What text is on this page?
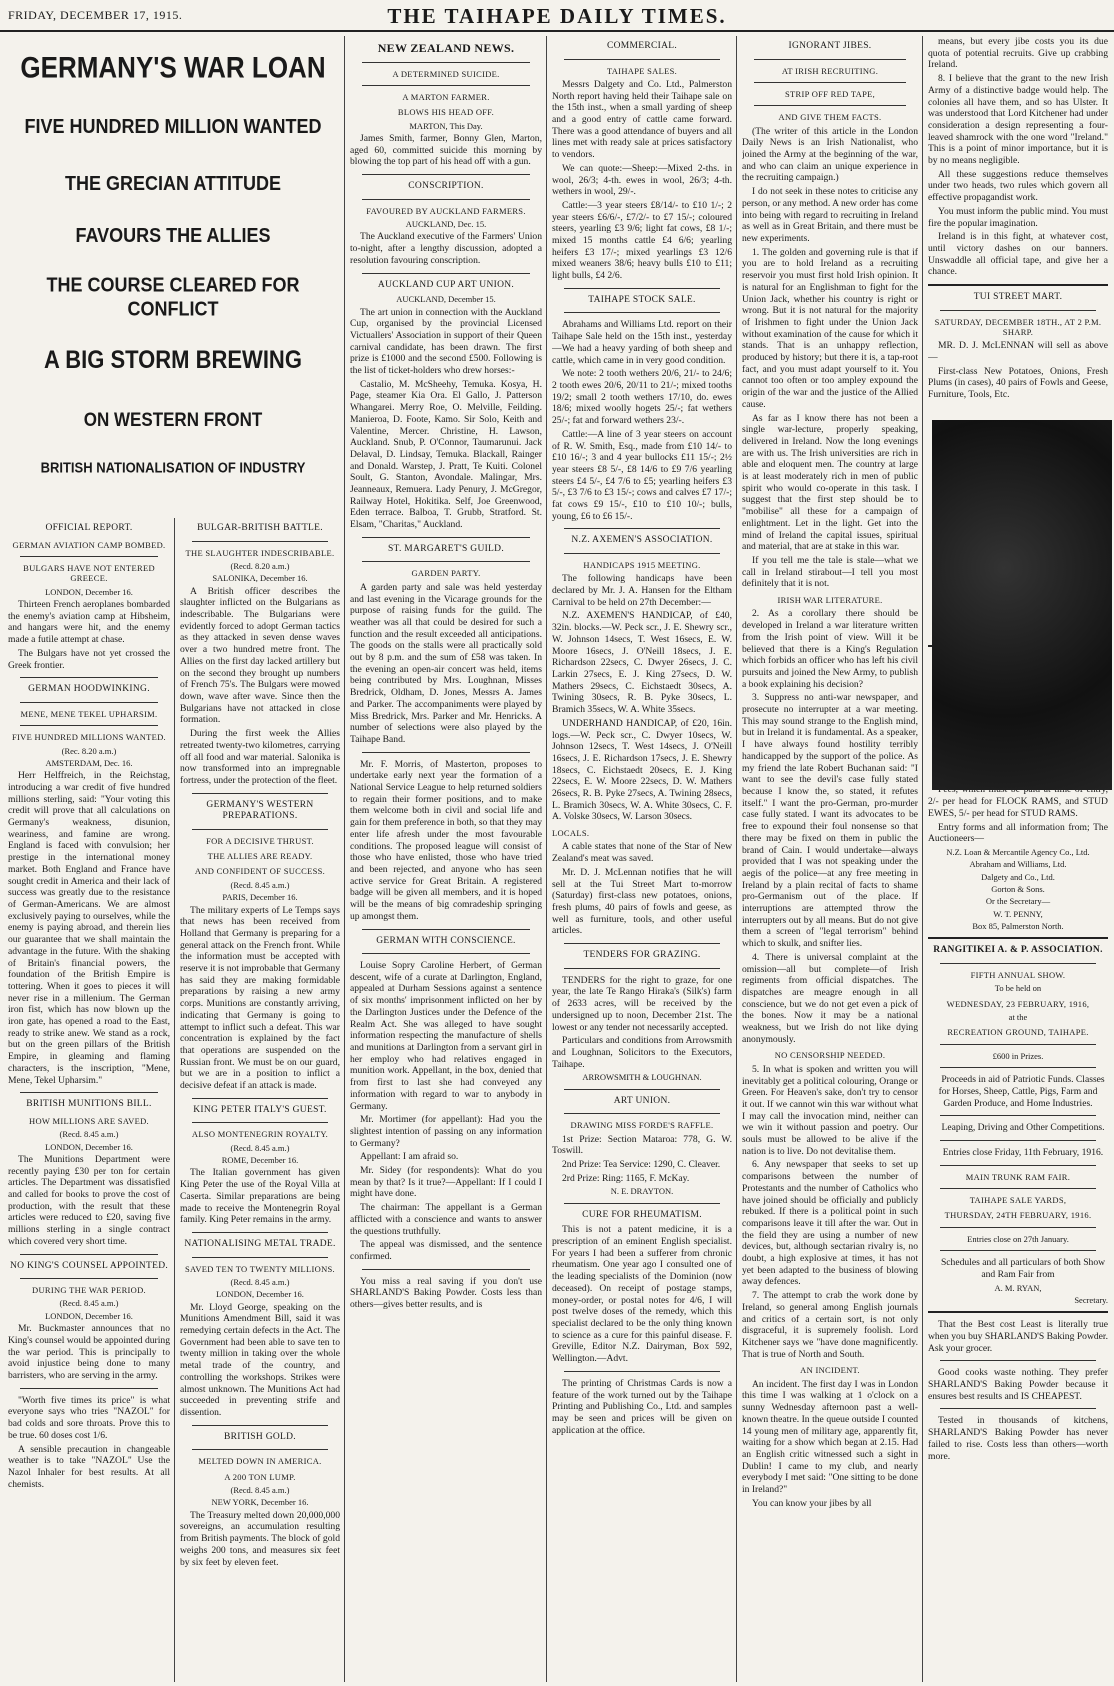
FRIDAY, DECEMBER 17, 1915.	THE TAIHAPE DAILY TIMES.
GERMANY'S WAR LOAN
FIVE HUNDRED MILLION WANTED
THE GRECIAN ATTITUDE
FAVOURS THE ALLIES
THE COURSE CLEARED FOR CONFLICT
A BIG STORM BREWING
ON WESTERN FRONT
BRITISH NATIONALISATION OF INDUSTRY
OFFICIAL REPORT.
GERMAN AVIATION CAMP BOMBED.
BULGARS HAVE NOT ENTERED GREECE.
LONDON, December 16.

Thirteen French aeroplanes bombarded the enemy's aviation camp at Hibsheim, and hangars were hit, and the enemy made a futile attempt at chase.

The Bulgars have not yet crossed the Greek frontier.

GERMAN HOODWINKING.
MENE, MENE TEKEL UPHARSIM.
FIVE HUNDRED MILLIONS WANTED.
(Rec. 8.20 a.m.)
AMSTERDAM, Dec. 16.

Herr Helffreich, in the Reichstag, introducing a war credit of five hundred millions sterling, said: "Your voting this credit will prove that all calculations on Germany's weakness, disunion, weariness, and famine are wrong. England is faced with convulsion; her prestige in the international money market. Both England and France have sought credit in America and their lack of success was greatly due to the resistance of German-Americans. We are almost exclusively paying to ourselves, while the enemy is paying abroad, and therein lies our guarantee that we shall maintain the advantage in the future. With the shaking of Britain's financial powers, the foundation of the British Empire is tottering. When it goes to pieces it will never rise in a millenium. The German iron fist, which has now blown up the iron gate, has opened a road to the East, ready to strike anew. We stand as a rock, but on the green pillars of the British Empire, in gleaming and flaming characters, is the inscription, "Mene, Mene, Tekel Upharsim."

BRITISH MUNITIONS BILL.
HOW MILLIONS ARE SAVED.
(Recd. 8.45 a.m.)
LONDON, December 16.

The Munitions Department were recently paying £30 per ton for certain articles. The Department was dissatisfied and called for books to prove the cost of production, with the result that these articles were reduced to £20, saving five millions sterling in a single contract which covered very short time.

NO KING'S COUNSEL APPOINTED.
DURING THE WAR PERIOD.
(Recd. 8.45 a.m.)
LONDON, December 16.

Mr. Buckmaster announces that no King's counsel would be appointed during the war period. This is principally to avoid injustice being done to many barristers, who are serving in the army.

"Worth five times its price" is what everyone says who tries "NAZOL" for bad colds and sore throats. Prove this to be true. 60 doses cost 1/6.

A sensible precaution in changeable weather is to take "NAZOL" Use the Nazol Inhaler for best results. At all chemists.

BULGAR-BRITISH BATTLE.
THE SLAUGHTER INDESCRIBABLE.
(Recd. 8.20 a.m.)
SALONIKA, December 16.

A British officer describes the slaughter inflicted on the Bulgarians as indescribable. The Bulgarians were evidently forced to adopt German tactics as they attacked in seven dense waves over a two hundred metre front. The Allies on the first day lacked artillery but on the second they brought up numbers of French 75's. The Bulgars were mowed down, wave after wave. Since then the Bulgarians have not attacked in close formation.

During the first week the Allies retreated twenty-two kilometres, carrying off all food and war material. Salonika is now transformed into an impregnable fortress, under the protection of the fleet.

GERMANY'S WESTERN PREPARATIONS.
FOR A DECISIVE THRUST.
THE ALLIES ARE READY.
AND CONFIDENT OF SUCCESS.
(Recd. 8.45 a.m.)
PARIS, December 16.

The military experts of Le Temps says that news has been received from Holland that Germany is preparing for a general attack on the French front. While the information must be accepted with reserve it is not improbable that Germany has said they are making formidable preparations by raising a new army corps. Munitions are constantly arriving, indicating that Germany is going to attempt to inflict such a defeat. This war concentration is explained by the fact that operations are suspended on the Russian front. We must be on our guard, but we are in a position to inflict a decisive defeat if an attack is made.

KING PETER ITALY'S GUEST.
ALSO MONTENEGRIN ROYALTY.
(Recd. 8.45 a.m.)
ROME, December 16.

The Italian government has given King Peter the use of the Royal Villa at Caserta. Similar preparations are being made to receive the Montenegrin Royal family. King Peter remains in the army.

NATIONALISING METAL TRADE.
SAVED TEN TO TWENTY MILLIONS.
(Recd. 8.45 a.m.)
LONDON, December 16.

Mr. Lloyd George, speaking on the Munitions Amendment Bill, said it was remedying certain defects in the Act. The Government had been able to save ten to twenty million in taking over the whole metal trade of the country, and controlling the workshops. Strikes were almost unknown. The Munitions Act had succeeded in preventing strife and dissention.

BRITISH GOLD.
MELTED DOWN IN AMERICA.
A 200 TON LUMP.
(Recd. 8.45 a.m.)
NEW YORK, December 16.

The Treasury melted down 20,000,000 sovereigns, an accumulation resulting from British payments. The block of gold weighs 200 tons, and measures six feet by six feet by eleven feet.

NEW ZEALAND NEWS.
A DETERMINED SUICIDE.
A MARTON FARMER.
BLOWS HIS HEAD OFF.
MARTON, This Day.

James Smith, farmer, Bonny Glen, Marton, aged 60, committed suicide this morning by blowing the top part of his head off with a gun.

CONSCRIPTION.
FAVOURED BY AUCKLAND FARMERS.
AUCKLAND, Dec. 15.

The Auckland executive of the Farmers' Union to-night, after a lengthy discussion, adopted a resolution favouring conscription.

AUCKLAND CUP ART UNION.
AUCKLAND, December 15.

The art union in connection with the Auckland Cup, organised by the provincial Licensed Victuallers' Association in support of their Queen carnival candidate, has been drawn. The first prize is £1000 and the second £500. Following is the list of ticket-holders who drew horses:-

Castalio, M. McSheehy, Temuka. Kosya, H. Page, steamer Kia Ora. El Gallo, J. Patterson Whangarei. Merry Roe, O. Melville, Feilding. Manieroa, D. Foote, Kamo. Sir Solo, Keith and Valentine, Mercer. Christine, H. Lawson, Auckland. Snub, P. O'Connor, Taumarunui. Jack Delaval, D. Lindsay, Temuka. Blackall, Rainger and Donald. Warstep, J. Pratt, Te Kuiti. Colonel Soult, G. Stanton, Avondale. Malingar, Mrs. Jeanneaux, Remuera. Lady Penury, J. McGregor, Railway Hotel, Hokitika. Self, Joe Greenwood, Eden terrace. Balboa, T. Grubb, Stratford. St. Elsam, "Charitas," Auckland.

ST. MARGARET'S GUILD.
GARDEN PARTY.

A garden party and sale was held yesterday and last evening in the Vicarage grounds for the purpose of raising funds for the guild. The weather was all that could be desired for such a function and the result exceeded all anticipations. The goods on the stalls were all practically sold out by 8 p.m. and the sum of £58 was taken. In the evening an open-air concert was held, items being contributed by Mrs. Loughnan, Misses Bredrick, Oldham, D. Jones, Messrs A. James and Parker. The accompaniments were played by Miss Bredrick, Mrs. Parker and Mr. Henricks. A number of selections were also played by the Taihape Band.

Mr. F. Morris, of Masterton, proposes to undertake early next year the formation of a National Service League to help returned soldiers to regain their former positions, and to make them welcome both in civil and social life and gain for them preference in both, so that they may enter life afresh under the most favourable conditions. The proposed league will consist of those who have enlisted, those who have tried and been rejected, and anyone who has seen active service for Great Britain. A registered badge will be given all members, and it is hoped will be the means of big comradeship springing up amongst them.

GERMAN WITH CONSCIENCE.

Louise Sopry Caroline Herbert, of German descent, wife of a curate at Darlington, England, appealed at Durham Sessions against a sentence of six months' imprisonment inflicted on her by the Darlington Justices under the Defence of the Realm Act. She was alleged to have sought information respecting the manufacture of shells and munitions at Darlington from a servant girl in her employ who had relatives engaged in munition work. Appellant, in the box, denied that from first to last she had conveyed any information with regard to war to anybody in Germany.

Mr. Mortimer (for appellant): Had you the slightest intention of passing on any information to Germany?

Appellant: I am afraid so.

Mr. Sidey (for respondents): What do you mean by that? Is it true?—Appellant: If I could I might have done.

The chairman: The appellant is a German afflicted with a conscience and wants to answer the questions truthfully.

The appeal was dismissed, and the sentence confirmed.

You miss a real saving if you don't use SHARLAND'S Baking Powder. Costs less than others—gives better results, and is

COMMERCIAL.
TAIHAPE SALES.

Messrs Dalgety and Co. Ltd., Palmerston North report having held their Taihape sale on the 15th inst., when a small yarding of sheep and a good entry of cattle came forward. There was a good attendance of buyers and all lines met with ready sale at prices satisfactory to vendors.

We can quote:—Sheep:—Mixed 2-ths. in wool, 26/3; 4-th. ewes in wool, 26/3; 4-th. wethers in wool, 29/-.

Cattle:—3 year steers £8/14/- to £10 1/-; 2 year steers £6/6/-, £7/2/- to £7 15/-; coloured steers, yearling £3 9/6; light fat cows, £8 1/-; mixed 15 months cattle £4 6/6; yearling heifers £3 17/-; mixed yearlings £3 12/6 mixed weaners 38/6; heavy bulls £10 to £11; light bulls, £4 2/6.

TAIHAPE STOCK SALE.

Abrahams and Williams Ltd. report on their Taihape Sale held on the 15th inst., yesterday—We had a heavy yarding of both sheep and cattle, which came in in very good condition.

We note: 2 tooth wethers 20/6, 21/- to 24/6; 2 tooth ewes 20/6, 20/11 to 21/-; mixed tooths 19/2; small 2 tooth wethers 17/10, do. ewes 18/6; mixed woolly hogets 25/-; fat wethers 25/-; fat and forward wethers 23/-.

Cattle:—A line of 3 year steers on account of R. W. Smith, Esq., made from £10 14/- to £10 16/-; 3 and 4 year bullocks £11 15/-; 2½ year steers £8 5/-, £8 14/6 to £9 7/6 yearling steers £4 5/-, £4 7/6 to £5; yearling heifers £3 5/-, £3 7/6 to £3 15/-; cows and calves £7 17/-; fat cows £9 15/-, £10 to £10 10/-; bulls, young, £6 to £6 15/-.

N.Z. AXEMEN'S ASSOCIATION.
HANDICAPS 1915 MEETING.

The following handicaps have been declared by Mr. J. A. Hansen for the Eltham Carnival to be held on 27th December:—

N.Z. AXEMEN'S HANDICAP, of £40, 32in. blocks.—W. Peck scr., J. E. Shewry scr., W. Johnson 14secs, T. West 16secs, E. W. Moore 16secs, J. O'Neill 18secs, J. E. Richardson 22secs, C. Dwyer 26secs, J. C. Larkin 27secs, E. J. King 27secs, D. W. Mathers 29secs, C. Eichstaedt 30secs, A. Twining 30secs, R. B. Pyke 30secs, L. Bramich 35secs, W. A. White 35secs.

UNDERHAND HANDICAP, of £20, 16in. logs.—W. Peck scr., C. Dwyer 10secs, W. Johnson 12secs, T. West 14secs, J. O'Neill 16secs, J. E. Richardson 17secs, J. E. Shewry 18secs, C. Eichstaedt 20secs, E. J. King 22secs, E. W. Moore 22secs, D. W. Mathers 26secs, R. B. Pyke 27secs, A. Twining 28secs, L. Bramich 30secs, W. A. White 30secs, C. F. A. Volske 30secs, W. Larson 30secs.

LOCALS.

A cable states that none of the Star of New Zealand's meat was saved.

Mr. D. J. McLennan notifies that he will sell at the Tui Street Mart to-morrow (Saturday) first-class new potatoes, onions, fresh plums, 40 pairs of fowls and geese, as well as furniture, tools, and other useful articles.

TENDERS FOR GRAZING.

TENDERS for the right to graze, for one year, the late Te Rango Hiraka's (Silk's) farm of 2633 acres, will be received by the undersigned up to noon, December 21st. The lowest or any tender not necessarily accepted.

Particulars and conditions from Arrowsmith and Loughnan, Solicitors to the Executors, Taihape.

ARROWSMITH & LOUGHNAN.
ART UNION.
DRAWING MISS FORDE'S RAFFLE.

1st Prize: Section Mataroa: 778, G. W. Toswill.

2nd Prize: Tea Service: 1290, C. Cleaver.

2rd Prize: Ring: 1165, F. McKay.

N. E. DRAYTON.
CURE FOR RHEUMATISM.

This is not a patent medicine, it is a prescription of an eminent English specialist. For years I had been a sufferer from chronic rheumatism. One year ago I consulted one of the leading specialists of the Dominion (now deceased). On receipt of postage stamps, money-order, or postal notes for 4/6, I will post twelve doses of the remedy, which this specialist declared to be the only thing known to science as a cure for this painful disease. F. Greville, Editor N.Z. Dairyman, Box 592, Wellington.—Advt.

The printing of Christmas Cards is now a feature of the work turned out by the Taihape Printing and Publishing Co., Ltd. and samples may be seen and prices will be given on application at the office.

IGNORANT JIBES.
AT IRISH RECRUITING.
STRIP OFF RED TAPE,
AND GIVE THEM FACTS.

(The writer of this article in the London Daily News is an Irish Nationalist, who joined the Army at the beginning of the war, and who can claim an unique experience in the recruiting campaign.)

I do not seek in these notes to criticise any person, or any method. A new order has come into being with regard to recruiting in Ireland as well as in Great Britain, and there must be new experiments.

1. The golden and governing rule is that if you are to hold Ireland as a recruiting reservoir you must first hold Irish opinion. It is natural for an Englishman to fight for the Union Jack, whether his country is right or wrong. But it is not natural for the majority of Irishmen to fight under the Union Jack without examination of the cause for which it stands. That is an unhappy reflection, produced by history; but there it is, a tap-root fact, and you must adapt yourself to it. You cannot too often or too ampley expound the origin of the war and the justice of the Allied cause.

As far as I know there has not been a single war-lecture, properly speaking, delivered in Ireland. Now the long evenings are with us. The Irish universities are rich in able and eloquent men. The country at large is at least moderately rich in men of public spirit who would co-operate in this task. I suggest that the first step should be to "mobilise" all these for a campaign of enlightment. Let in the light. Get into the mind of Ireland the capital issues, spiritual and material, that are at stake in this war.

If you tell me the tale is stale—what we call in Ireland stirabout—I tell you most definitely that it is not.

IRISH WAR LITERATURE.

2. As a corollary there should be developed in Ireland a war literature written from the Irish point of view. Will it be believed that there is a King's Regulation which forbids an officer who has left his civil pursuits and joined the New Army, to publish a book explaining his decision?

3. Suppress no anti-war newspaper, and prosecute no interrupter at a war meeting. This may sound strange to the English mind, but in Ireland it is fundamental. As a speaker, I have always found hostility terribly handicapped by the support of the police. As my friend the late Robert Buchanan said: "I want to see the devil's case fully stated because I know the, so stated, it refutes itself." I want the pro-German, pro-murder case fully stated. I want its advocates to be free to expound their foul nonsense so that there may be fixed on them in public the brand of Cain. I would undertake—always provided that I was not speaking under the aegis of the police—at any free meeting in Ireland by a plain recital of facts to shame pro-Germanism out of the place. If interruptions are attempted throw the interrupters out by all means. But do not give them a screen of "legal terrorism" behind which to skulk, and snifter lies.

4. There is universal complaint at the omission—all but complete—of Irish regiments from official dispatches. The dispatches are meagre enough in all conscience, but we do not get even a pick of the bones. Now it may be a national weakness, but we Irish do not like dying anonymously.

NO CENSORSHIP NEEDED.

5. In what is spoken and written you will inevitably get a political colouring, Orange or Green. For Heaven's sake, don't try to censor it out. If we cannot win this war without what I may call the invocation mind, neither can we win it without passion and poetry. Our souls must be allowed to be alive if the nation is to live. Do not devitalise them.

6. Any newspaper that seeks to set up comparisons between the number of Protestants and the number of Catholics who have joined should be officially and publicly rebuked. If there is a political point in such comparisons leave it till after the war. Out in the field they are using a number of new devices, but, although sectarian rivalry is, no doubt, a high explosive at times, it has not yet been adapted to the business of blowing away defences.

7. The attempt to crab the work done by Ireland, so general among English journals and critics of a certain sort, is not only disgraceful, it is supremely foolish. Lord Kitchener says we "have done magnificently. That is true of North and South.

AN INCIDENT.

An incident. The first day I was in London this time I was walking at 1 o'clock on a sunny Wednesday afternoon past a well-known theatre. In the queue outside I counted 14 young men of military age, apparently fit, waiting for a show which began at 2.15. Had an English critic witnessed such a sight in Dublin! I came to my club, and nearly everybody I met said: "One sitting to be done in Ireland?"

You can know your jibes by all

means, but every jibe costs you its due quota of potential recruits. Give up crabbing Ireland.

8. I believe that the grant to the new Irish Army of a distinctive badge would help. The colonies all have them, and so has Ulster. It was understood that Lord Kitchener had under consideration a design representing a four-leaved shamrock with the one word "Ireland." This is a point of minor importance, but it is by no means negligible.

All these suggestions reduce themselves under two heads, two rules which govern all effective propagandist work.

You must inform the public mind. You must fire the popular imagination.

Ireland is in this fight, at whatever cost, until victory dashes on our banners. Unswaddle all official tape, and give her a chance.

TUI STREET MART.
SATURDAY, DECEMBER 18TH., AT 2 P.M. SHARP.

MR. D. J. McLENNAN will sell as above—

First-class New Potatoes, Onions, Fresh Plums (in cases), 40 pairs of Fowls and Geese, Furniture, Tools, Etc.

2/- per head for FLOCK RAMS, and STUD EWES, 5/- per head for STUD RAMS.

Entry forms and all information from; The Auctioneers—

N.Z. Loan & Mercantile Agency Co., Ltd.
Abraham and Williams, Ltd.
Dalgety and Co., Ltd.
Gorton & Sons.
Or the Secretary—
W. T. PENNY,
Box 85, Palmerston North.
RANGITIKEI A. & P. ASSOCIATION.
FIFTH ANNUAL SHOW.
To be held on
WEDNESDAY, 23 FEBRUARY, 1916,
at the
RECREATION GROUND, TAIHAPE.
£600 in Prizes.

Proceeds in aid of Patriotic Funds. Classes for Horses, Sheep, Cattle, Pigs, Farm and Garden Produce, and Home Industries.

Leaping, Driving and Other Competitions.

Entries close Friday, 11th February, 1916.

MAIN TRUNK RAM FAIR.
TAIHAPE SALE YARDS,
THURSDAY, 24TH FEBRUARY, 1916.
Entries close on 27th January.

Schedules and all particulars of both Show and Ram Fair from

A. M. RYAN,
Secretary.

That the Best cost Least is literally true when you buy SHARLAND'S Baking Powder. Ask your grocer.

Good cooks waste nothing. They prefer SHARLAND'S Baking Powder because it ensures best results and IS CHEAPEST.

Tested in thousands of kitchens, SHARLAND'S Baking Powder has never failed to rise. Costs less than others—worth more.
